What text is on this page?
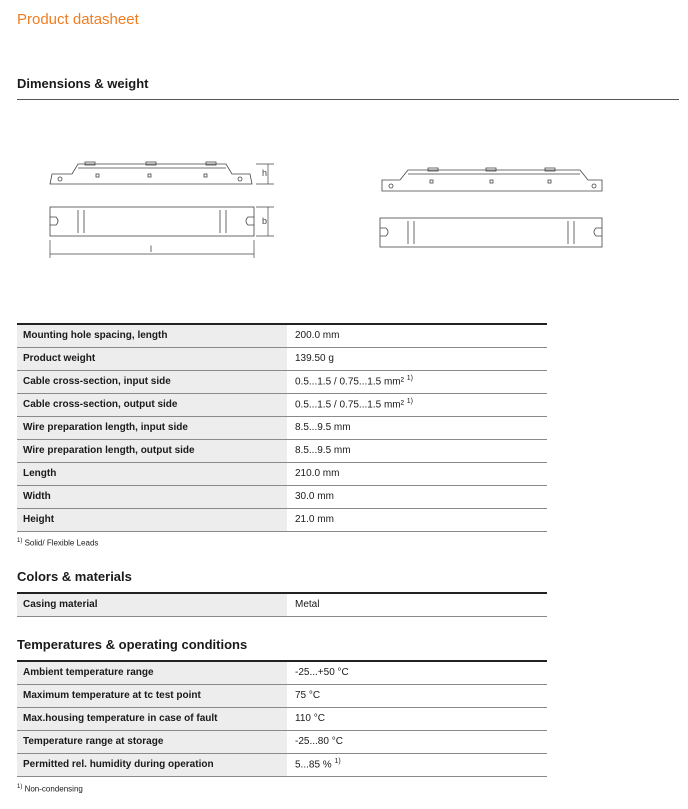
Product datasheet
Dimensions & weight
h
b
l
Mounting hole spacing, length	200.0 mm
Product weight	139.50 g
Cable cross-section, input side	0.5...1.5 / 0.75...1.5 mm² $^{1)}$
Cable cross-section, output side	0.5...1.5 / 0.75...1.5 mm² $^{1)}$
Wire preparation length, input side	8.5...9.5 mm
Wire preparation length, output side	8.5...9.5 mm
Length	210.0 mm
Width	30.0 mm
Height	21.0 mm
$^{1)}$ Solid/ Flexible Leads
Colors & materials
Casing material	Metal
Temperatures & operating conditions
Ambient temperature range	-25...+50 °C
Maximum temperature at tc test point	75 °C
Max.housing temperature in case of fault	110 °C
Temperature range at storage	-25...80 °C
Permitted rel. humidity during operation	5...85 % $^{1)}$
$^{1)}$ Non-condensing
